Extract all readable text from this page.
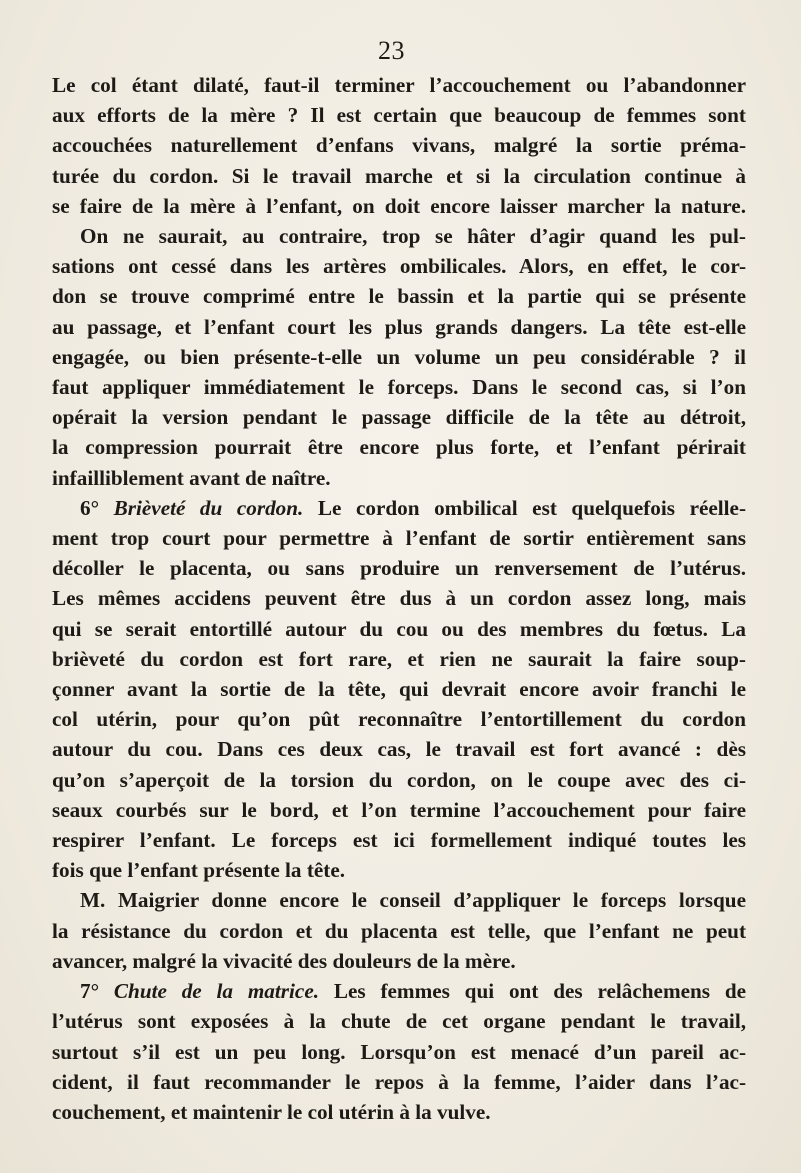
23

Le col étant dilaté, faut-il terminer l’accouchement ou l’abandonner
aux efforts de la mère ? Il est certain que beaucoup de femmes sont
accouchées naturellement d’enfans vivans, malgré la sortie préma-
turée du cordon. Si le travail marche et si la circulation continue à
se faire de la mère à l’enfant, on doit encore laisser marcher la nature.

On ne saurait, au contraire, trop se hâter d’agir quand les pul-
sations ont cessé dans les artères ombilicales. Alors, en effet, le cor-
don se trouve comprimé entre le bassin et la partie qui se présente
au passage, et l’enfant court les plus grands dangers. La tête est-elle
engagée, ou bien présente-t-elle un volume un peu considérable ? il
faut appliquer immédiatement le forceps. Dans le second cas, si l’on
opérait la version pendant le passage difficile de la tête au détroit,
la compression pourrait être encore plus forte, et l’enfant périrait
infailliblement avant de naître.

6° Brièveté du cordon. Le cordon ombilical est quelquefois réelle-
ment trop court pour permettre à l’enfant de sortir entièrement sans
décoller le placenta, ou sans produire un renversement de l’utérus.
Les mêmes accidens peuvent être dus à un cordon assez long, mais
qui se serait entortillé autour du cou ou des membres du fœtus. La
brièveté du cordon est fort rare, et rien ne saurait la faire soup-
çonner avant la sortie de la tête, qui devrait encore avoir franchi le
col utérin, pour qu’on pût reconnaître l’entortillement du cordon
autour du cou. Dans ces deux cas, le travail est fort avancé : dès
qu’on s’aperçoit de la torsion du cordon, on le coupe avec des ci-
seaux courbés sur le bord, et l’on termine l’accouchement pour faire
respirer l’enfant. Le forceps est ici formellement indiqué toutes les
fois que l’enfant présente la tête.

M. Maigrier donne encore le conseil d’appliquer le forceps lorsque
la résistance du cordon et du placenta est telle, que l’enfant ne peut
avancer, malgré la vivacité des douleurs de la mère.

7° Chute de la matrice. Les femmes qui ont des relâchemens de
l’utérus sont exposées à la chute de cet organe pendant le travail,
surtout s’il est un peu long. Lorsqu’on est menacé d’un pareil ac-
cident, il faut recommander le repos à la femme, l’aider dans l’ac-
couchement, et maintenir le col utérin à la vulve.
